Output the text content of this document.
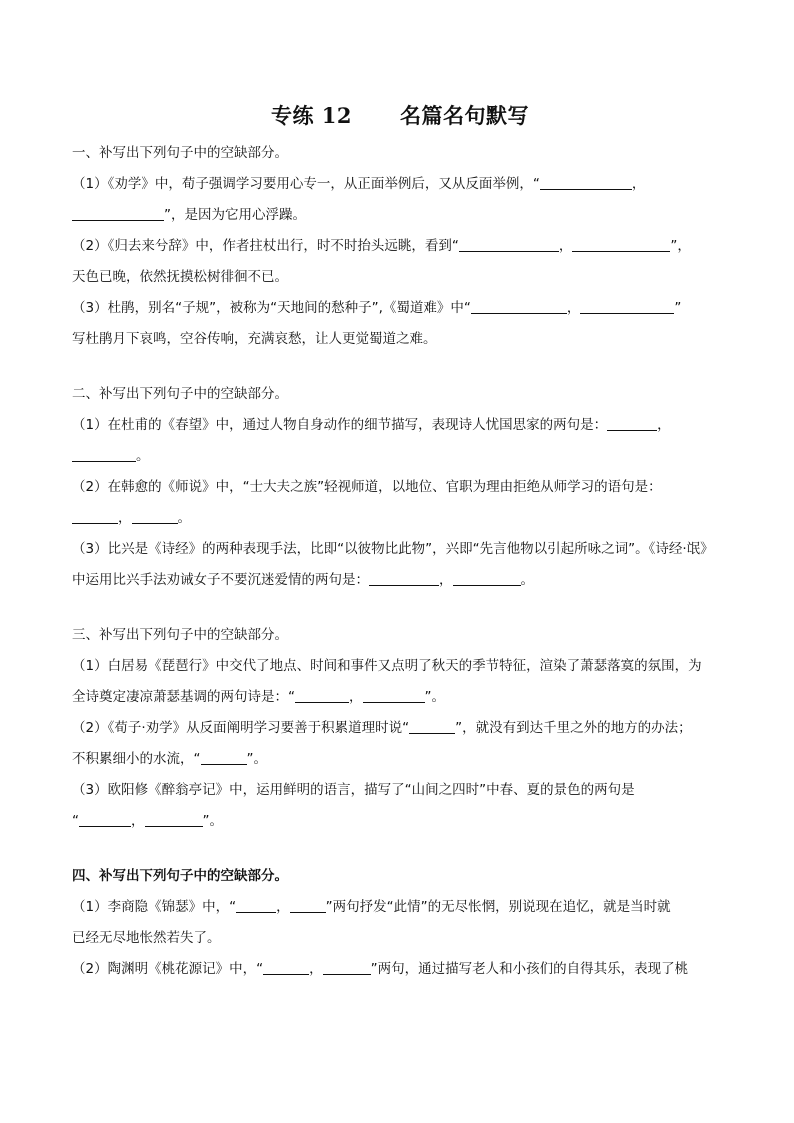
专练 12 名篇名句默写
一、补写出下列句子中的空缺部分。
（1）《劝学》中，荀子强调学习要用心专一，从正面举例后，又从反面举例，“	，
”，是因为它用心浮躁。
（2）《归去来兮辞》中，作者拄杖出行，时不时抬头远眺，看到“	，	”，
天色已晚，依然抚摸松树徘徊不已。
（3）杜鹃，别名“子规”，被称为“天地间的愁种子”,《蜀道难》中“	，	”
写杜鹃月下哀鸣，空谷传响，充满哀愁，让人更觉蜀道之难。
二、补写出下列句子中的空缺部分。
（1）在杜甫的《春望》中，通过人物自身动作的细节描写，表现诗人忧国思家的两句是：	，
。
（2）在韩愈的《师说》中，“士大夫之族”轻视师道，以地位、官职为理由拒绝从师学习的语句是：
，	。
（3）比兴是《诗经》的两种表现手法，比即“以彼物比此物”，兴即“先言他物以引起所咏之词”。《诗经·氓》
中运用比兴手法劝诫女子不要沉迷爱情的两句是：	，	。
三、补写出下列句子中的空缺部分。
（1）白居易《琵琶行》中交代了地点、时间和事件又点明了秋天的季节特征，渲染了萧瑟落寞的氛围，为
全诗奠定凄凉萧瑟基调的两句诗是：“	，	”。
（2）《荀子·劝学》从反面阐明学习要善于积累道理时说“	”，就没有到达千里之外的地方的办法；
不积累细小的水流，“	”。
（3）欧阳修《醉翁亭记》中，运用鲜明的语言，描写了“山间之四时”中春、夏的景色的两句是
“	，	”。
四、补写出下列句子中的空缺部分。
（1）李商隐《锦瑟》中，“	，	”两句抒发“此情”的无尽怅惘，别说现在追忆，就是当时就
已经无尽地怅然若失了。
（2）陶渊明《桃花源记》中，“	，	”两句，通过描写老人和小孩们的自得其乐，表现了桃
